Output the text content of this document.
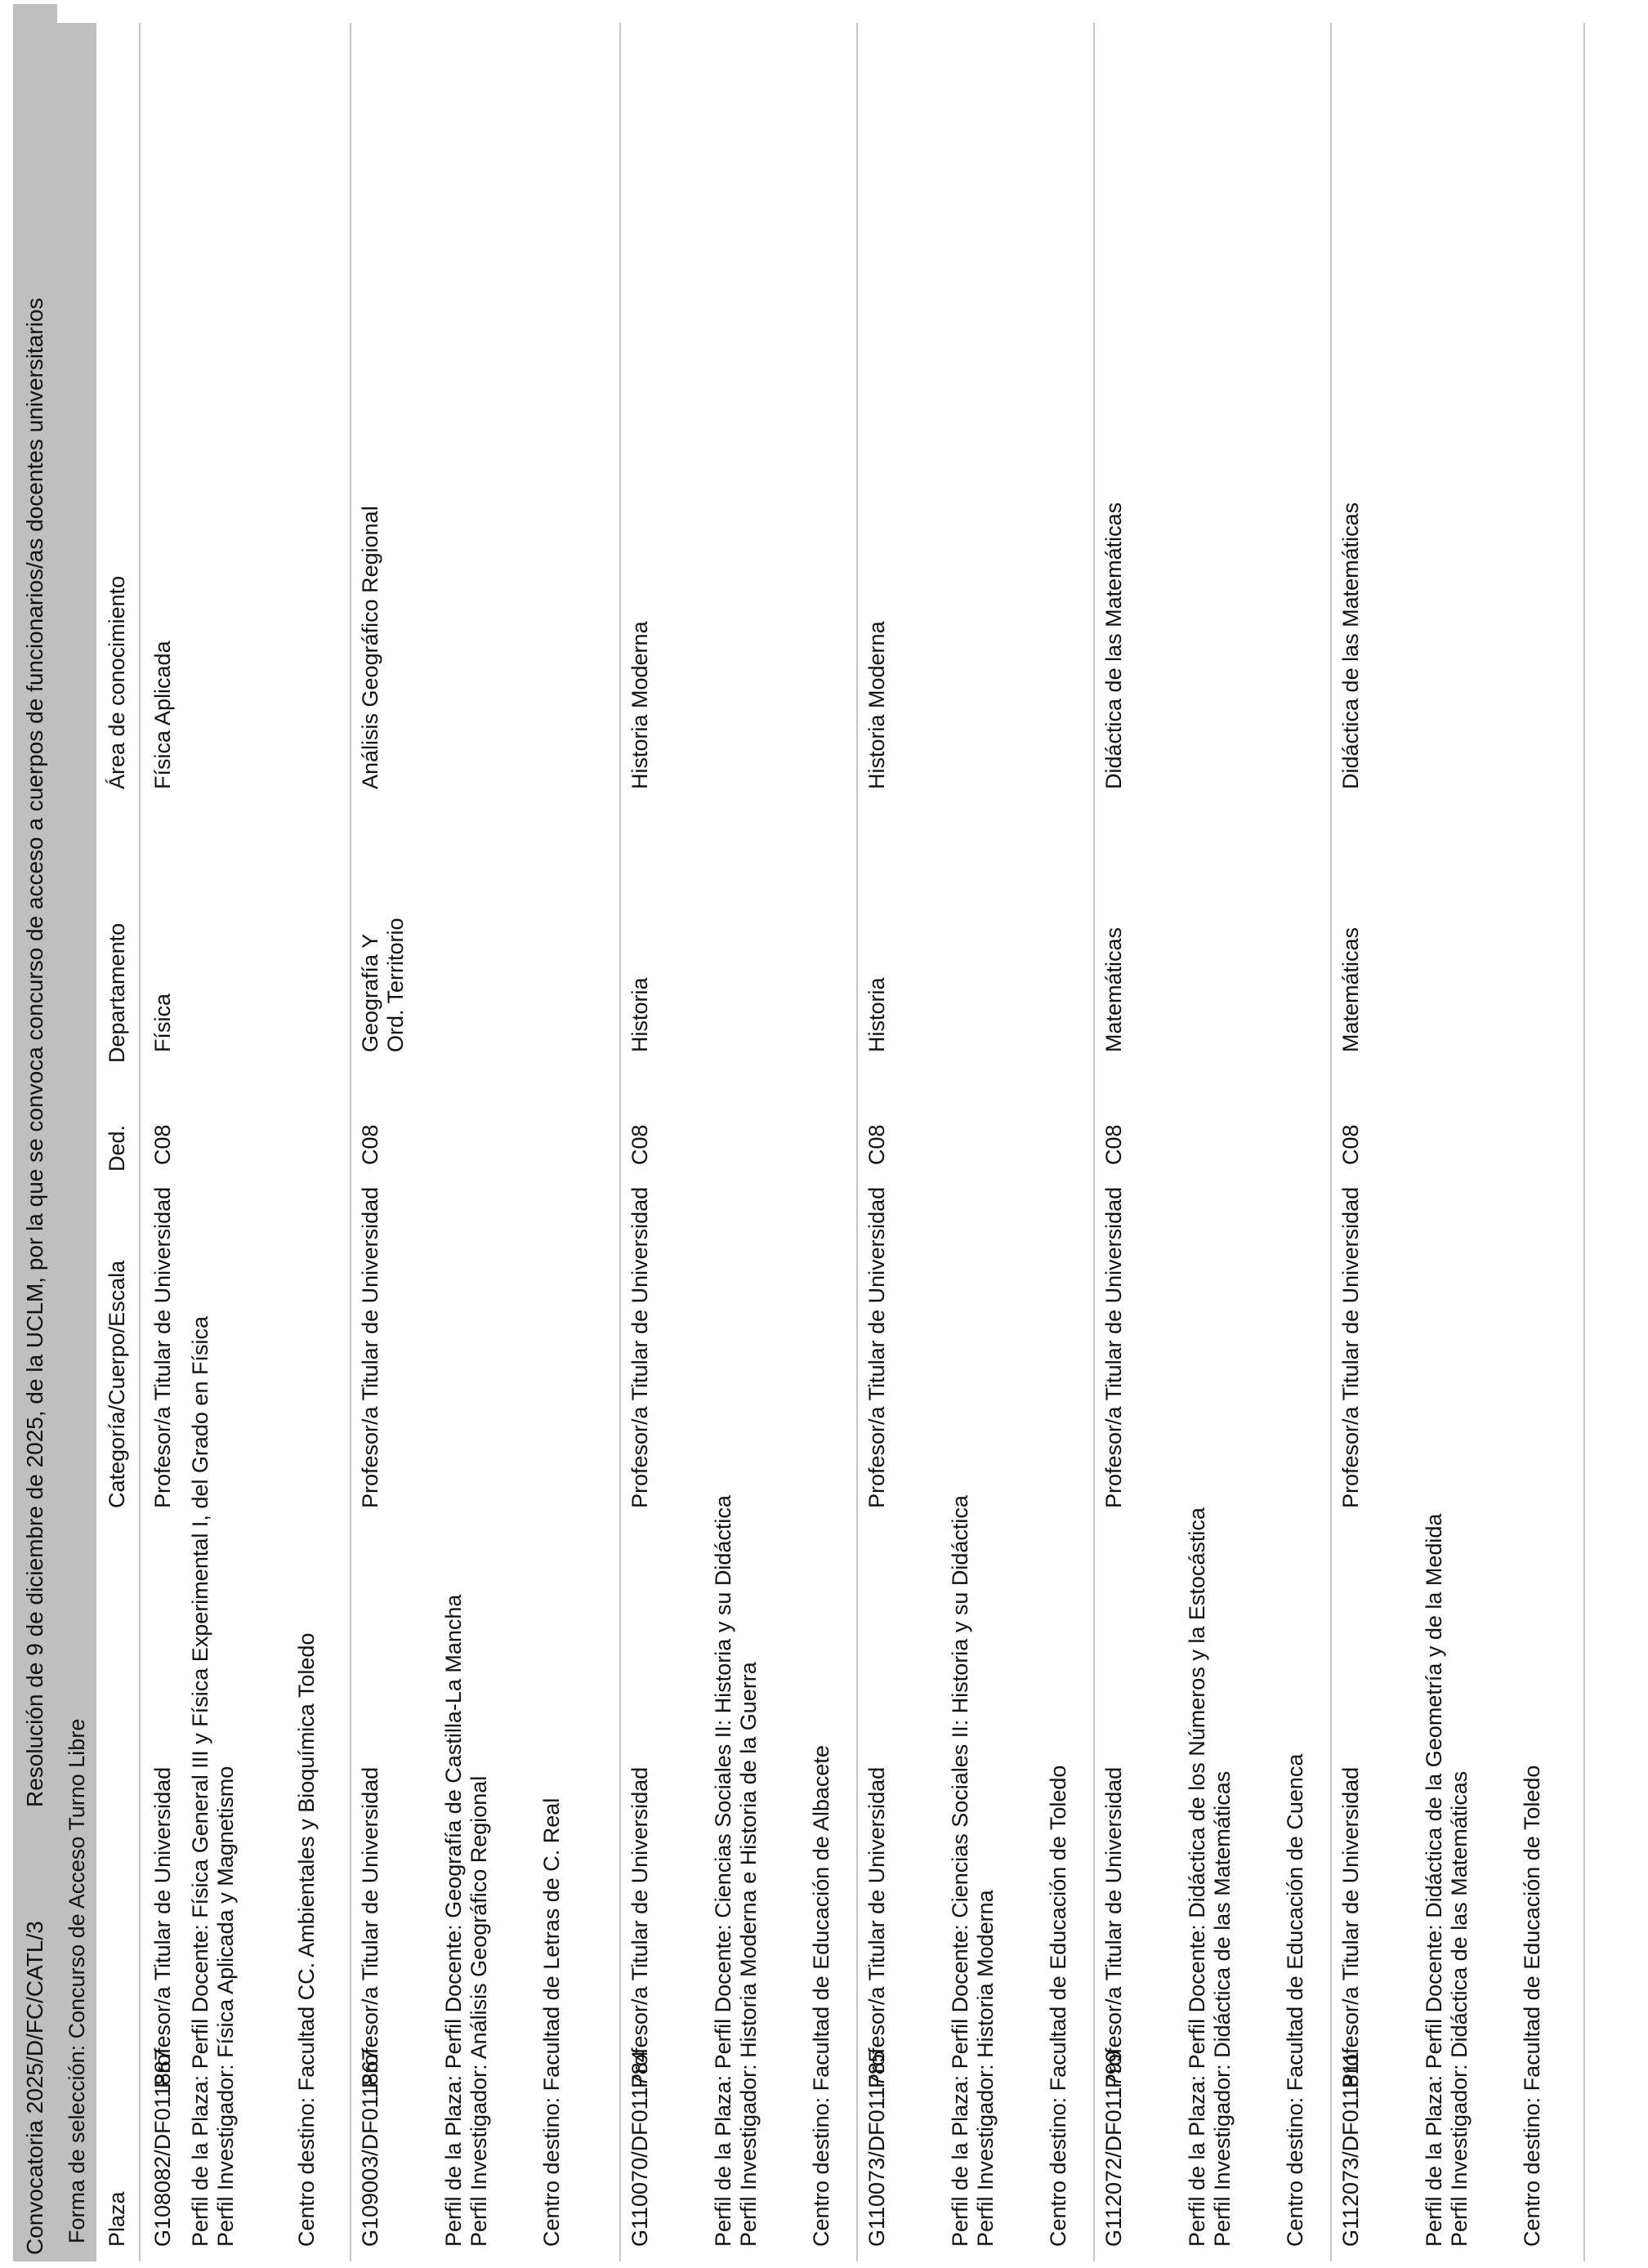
Convocatoria 2025/D/FC/CATL/3
Resolución de 9 de diciembre de 2025, de la UCLM, por la que se convoca concurso de acceso a cuerpos de funcionarios/as docentes universitarios
Forma de selección: Concurso de Acceso Turno Libre Plaza
Categoría/Cuerpo/Escala
Ded.
Departamento
Área de conocimiento
G108082/DF011887
Profesor/a Titular de Universidad
Profesor/a Titular de Universidad
C08
Física
Física Aplicada
Perfil de la Plaza: Perfil Docente: Física General III y Física Experimental I, del Grado en Física Perfil Investigador: Física Aplicada y Magnetismo	Centro destino: Facultad CC. Ambientales y Bioquímica Toledo G109003/DF011867
Profesor/a Titular de Universidad
Profesor/a Titular de Universidad
C08
Geografía Y Ord. Territorio
Análisis Geográfico Regional
Perfil de la Plaza: Perfil Docente: Geografía de Castilla-La Mancha Perfil Investigador: Análisis Geográfico Regional Centro destino: Facultad de Letras de C. Real	G110070/DF011784
Profesor/a Titular de Universidad
Profesor/a Titular de Universidad
C08
Historia
Historia Moderna
Perfil de la Plaza: Perfil Docente: Ciencias Sociales II: Historia y su Didáctica Perfil Investigador: Historia Moderna e Historia de la Guerra Centro destino: Facultad de Educación de Albacete G110073/DF011785
Profesor/a Titular de Universidad
Profesor/a Titular de Universidad
C08
Historia
Historia Moderna
Perfil de la Plaza: Perfil Docente: Ciencias Sociales II: Historia y su Didáctica Perfil Investigador: Historia Moderna Centro destino: Facultad de Educación de Toledo G112072/DF011799
Profesor/a Titular de Universidad
Profesor/a Titular de Universidad
C08
Matemáticas
Didáctica de las Matemáticas
Perfil de la Plaza: Perfil Docente: Didáctica de los Números y la Estocástica Perfil Investigador: Didáctica de las Matemáticas Centro destino: Facultad de Educación de Cuenca G112073/DF011811
Profesor/a Titular de Universidad
Profesor/a Titular de Universidad
C08
Matemáticas
Didáctica de las Matemáticas
Perfil de la Plaza: Perfil Docente: Didáctica de la Geometría y de la Medida Perfil Investigador: Didáctica de las Matemáticas Centro destino: Facultad de Educación de Toledo
